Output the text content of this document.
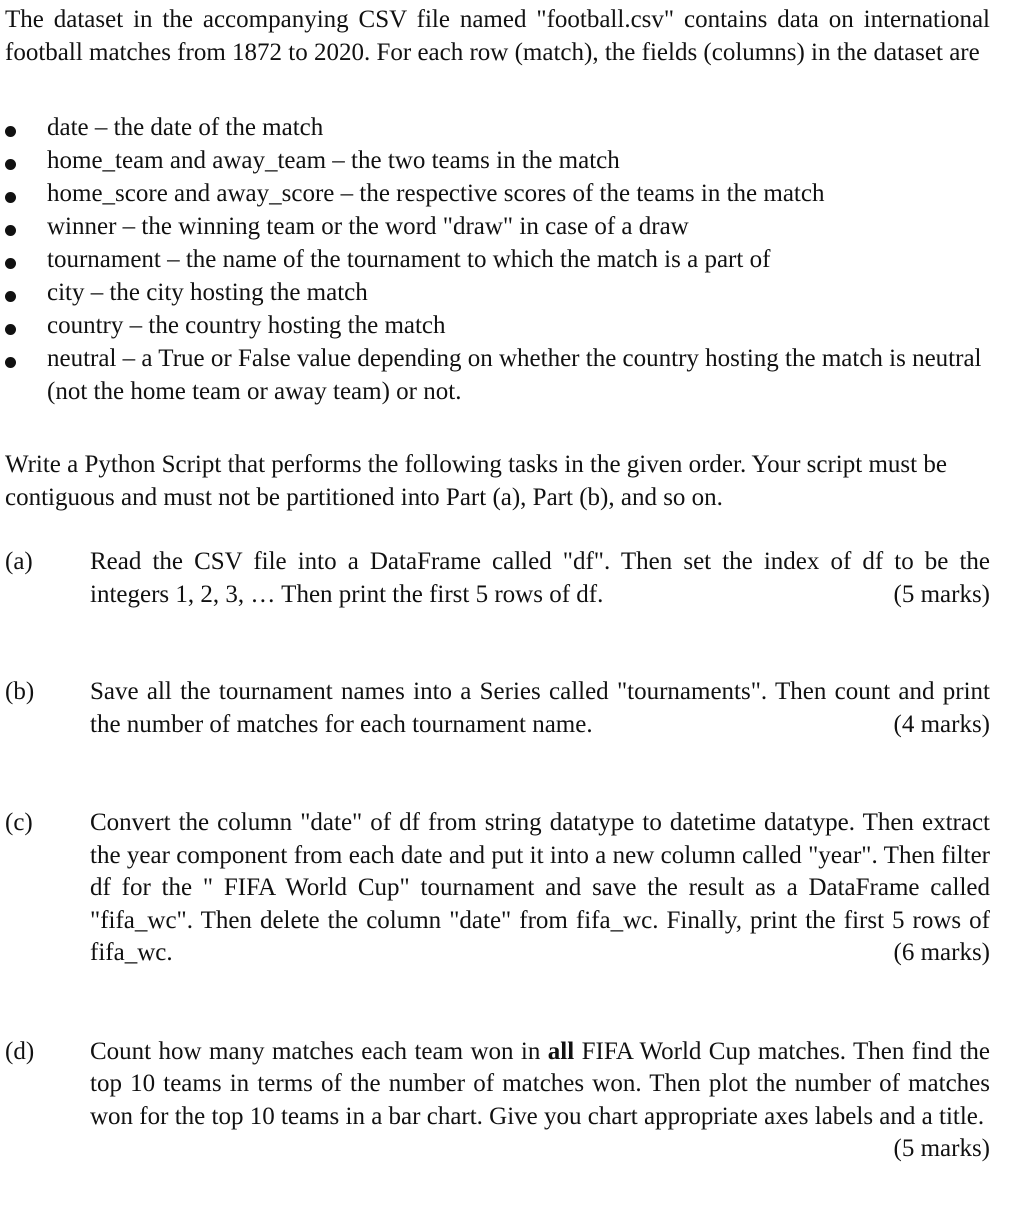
The dataset in the accompanying CSV file named "football.csv" contains data on international football matches from 1872 to 2020. For each row (match), the fields (columns) in the dataset are

date – the date of the match
home_team and away_team – the two teams in the match
home_score and away_score – the respective scores of the teams in the match
winner – the winning team or the word "draw" in case of a draw
tournament – the name of the tournament to which the match is a part of
city – the city hosting the match
country – the country hosting the match
neutral – a True or False value depending on whether the country hosting the match is neutral (not the home team or away team) or not.

Write a Python Script that performs the following tasks in the given order. Your script must be contiguous and must not be partitioned into Part (a), Part (b), and so on.

(a) Read the CSV file into a DataFrame called "df". Then set the index of df to be the integers 1, 2, 3, … Then print the first 5 rows of df.	(5 marks)
(b) Save all the tournament names into a Series called "tournaments". Then count and print the number of matches for each tournament name.	(4 marks)
(c) Convert the column "date" of df from string datatype to datetime datatype. Then extract the year component from each date and put it into a new column called "year". Then filter df for the " FIFA World Cup" tournament and save the result as a DataFrame called "fifa_wc". Then delete the column "date" from fifa_wc. Finally, print the first 5 rows of fifa_wc.	(6 marks)
(d) Count how many matches each team won in all FIFA World Cup matches. Then find the top 10 teams in terms of the number of matches won. Then plot the number of matches won for the top 10 teams in a bar chart. Give you chart appropriate axes labels and a title.
(5 marks)
